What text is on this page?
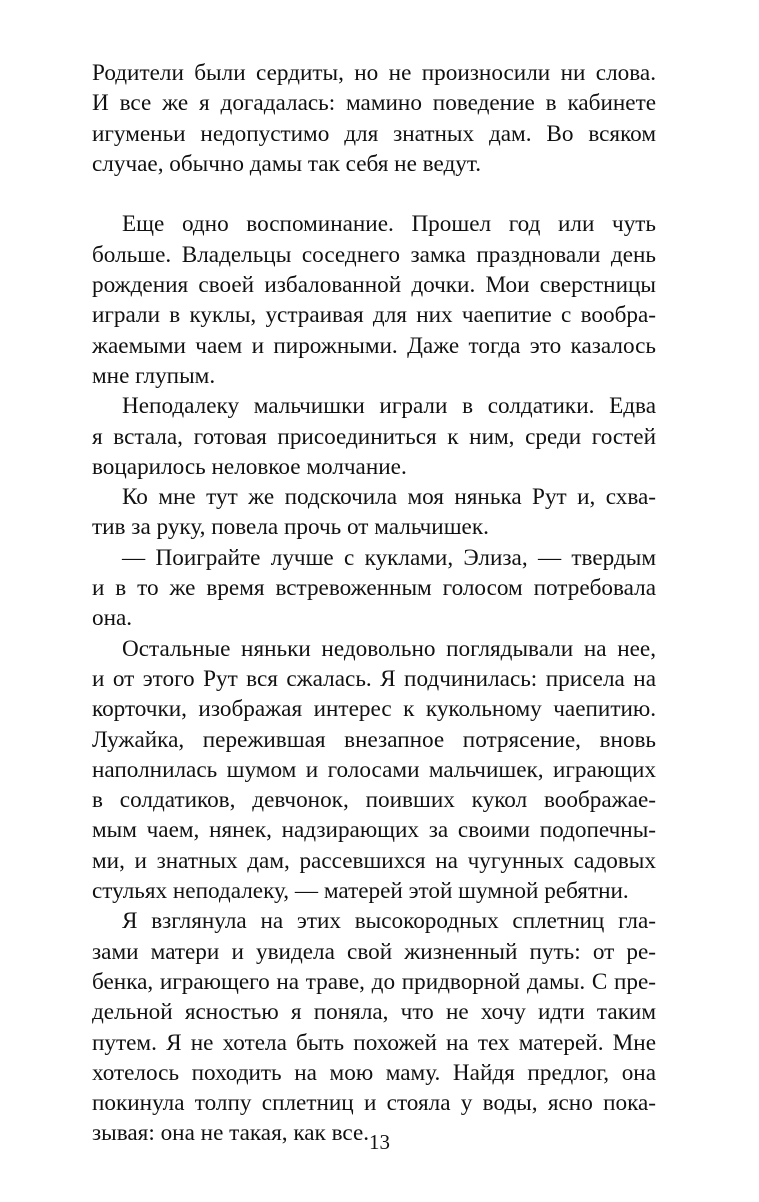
Родители были сердиты, но не произносили ни слова.
И все же я догадалась: мамино поведение в кабинете
игуменьи недопустимо для знатных дам. Во всяком
случае, обычно дамы так себя не ведут.
Еще одно воспоминание. Прошел год или чуть
больше. Владельцы соседнего замка праздновали день
рождения своей избалованной дочки. Мои сверстницы
играли в куклы, устраивая для них чаепитие с вообра-
жаемыми чаем и пирожными. Даже тогда это казалось
мне глупым.
Неподалеку мальчишки играли в солдатики. Едва
я встала, готовая присоединиться к ним, среди гостей
воцарилось неловкое молчание.
Ко мне тут же подскочила моя нянька Рут и, схва-
тив за руку, повела прочь от мальчишек.
— Поиграйте лучше с куклами, Элиза, — твердым
и в то же время встревоженным голосом потребовала
она.
Остальные няньки недовольно поглядывали на нее,
и от этого Рут вся сжалась. Я подчинилась: присела на
корточки, изображая интерес к кукольному чаепитию.
Лужайка, пережившая внезапное потрясение, вновь
наполнилась шумом и голосами мальчишек, играющих
в солдатиков, девчонок, поивших кукол воображае-
мым чаем, нянек, надзирающих за своими подопечны-
ми, и знатных дам, рассевшихся на чугунных садовых
стульях неподалеку, — матерей этой шумной ребятни.
Я взглянула на этих высокородных сплетниц гла-
зами матери и увидела свой жизненный путь: от ре-
бенка, играющего на траве, до придворной дамы. С пре-
дельной ясностью я поняла, что не хочу идти таким
путем. Я не хотела быть похожей на тех матерей. Мне
хотелось походить на мою маму. Найдя предлог, она
покинула толпу сплетниц и стояла у воды, ясно пока-
зывая: она не такая, как все. 13
